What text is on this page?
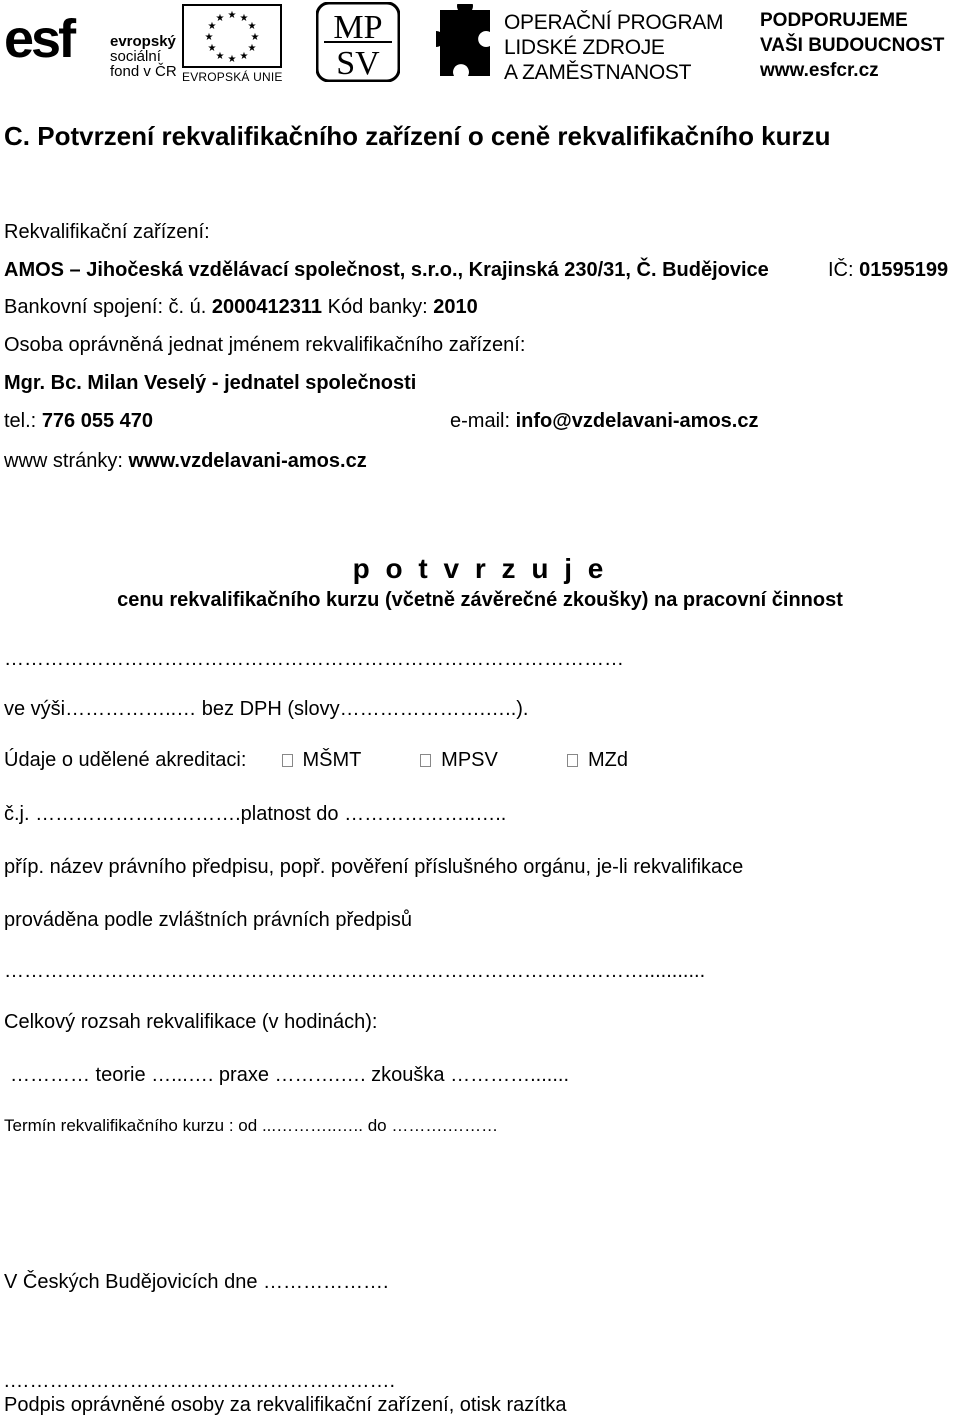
esf evropský
sociální
fond v ČR
★ ★
★
★
★
★
★
★
★
★
★
★
EVROPSKÁ UNIE
MP
SV
OPERAČNÍ PROGRAM
LIDSKÉ ZDROJE
A ZAMĚSTNANOST
PODPORUJEME
VAŠI BUDOUCNOST
www.esfcr.cz
C. Potvrzení rekvalifikačního zařízení o ceně rekvalifikačního kurzu
Rekvalifikační zařízení:
AMOS – Jihočeská vzdělávací společnost, s.r.o., Krajinská 230/31, Č. Budějovice	IČ: 01595199
Bankovní spojení: č. ú. 2000412311 Kód banky: 2010
Osoba oprávněná jednat jménem rekvalifikačního zařízení:
Mgr. Bc. Milan Veselý - jednatel společnosti
tel.: 776 055 470	e-mail: info@vzdelavani-amos.cz
www stránky: www.vzdelavani-amos.cz
p o t v r z u j e
cenu rekvalifikačního kurzu (včetně závěrečné zkoušky) na pracovní činnost
…………………………………………………………………………………
ve výši……………..… bez DPH (slovy………………….…..).
Údaje o udělené akreditaci:	MŠMT	MPSV	MZd
č.j. ………………………….platnost do ………………..…..
příp. název právního předpisu, popř. pověření příslušného orgánu, je-li rekvalifikace
prováděna podle zvláštních právních předpisů
……………………………………………………………………………………...........
Celkový rozsah rekvalifikace (v hodinách):
………… teorie …...…. praxe ……….…. zkouška ………….......
Termín rekvalifikačního kurzu : od ...………..….. do ……….………
V Českých Budějovicích dne ……………….
.………………………………………………….
Podpis oprávněné osoby za rekvalifikační zařízení, otisk razítka
